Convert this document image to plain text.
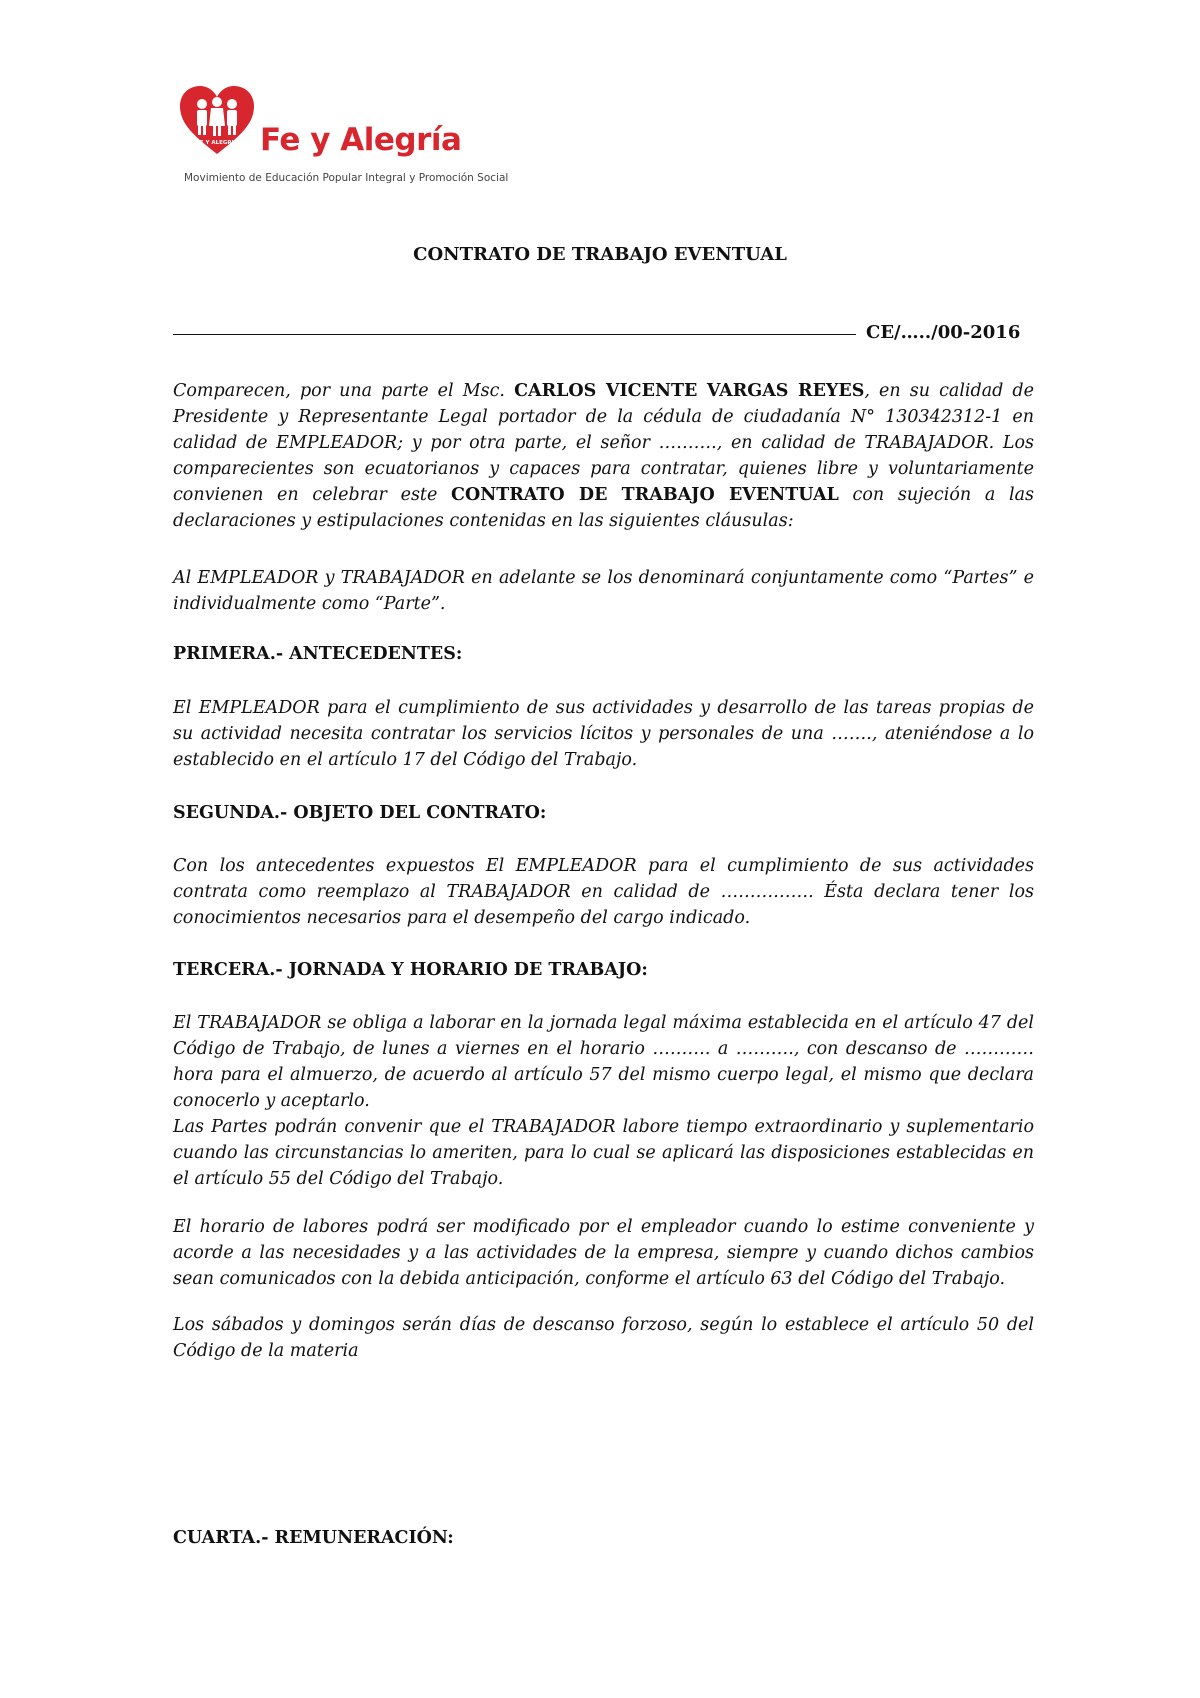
FE Y ALEGRIA Fe y Alegría
Movimiento de Educación Popular Integral y Promoción Social
CONTRATO DE TRABAJO EVENTUAL
CE/…../00-2016
Comparecen, por una parte el Msc. CARLOS VICENTE VARGAS REYES, en su calidad de Presidente y Representante Legal portador de la cédula de ciudadanía N° 130342312-1 en calidad de EMPLEADOR; y por otra parte, el señor ………., en calidad de TRABAJADOR. Los comparecientes son ecuatorianos y capaces para contratar, quienes libre y voluntariamente convienen en celebrar este CONTRATO DE TRABAJO EVENTUAL con sujeción a las declaraciones y estipulaciones contenidas en las siguientes cláusulas:
Al EMPLEADOR y TRABAJADOR en adelante se los denominará conjuntamente como “Partes” e individualmente como “Parte”.
PRIMERA.- ANTECEDENTES:
El EMPLEADOR para el cumplimiento de sus actividades y desarrollo de las tareas propias de su actividad necesita contratar los servicios lícitos y personales de una ……., ateniéndose a lo establecido en el artículo 17 del Código del Trabajo.
SEGUNDA.- OBJETO DEL CONTRATO:
Con los antecedentes expuestos El EMPLEADOR para el cumplimiento de sus actividades contrata como reemplazo al TRABAJADOR en calidad de ……………. Ésta declara tener los conocimientos necesarios para el desempeño del cargo indicado.
TERCERA.- JORNADA Y HORARIO DE TRABAJO:
El TRABAJADOR se obliga a laborar en la jornada legal máxima establecida en el artículo 47 del Código de Trabajo, de lunes a viernes en el horario ………. a ………., con descanso de ………… hora para el almuerzo, de acuerdo al artículo 57 del mismo cuerpo legal, el mismo que declara conocerlo y aceptarlo.
Las Partes podrán convenir que el TRABAJADOR labore tiempo extraordinario y suplementario cuando las circunstancias lo ameriten, para lo cual se aplicará las disposiciones establecidas en el artículo 55 del Código del Trabajo.
El horario de labores podrá ser modificado por el empleador cuando lo estime conveniente y acorde a las necesidades y a las actividades de la empresa, siempre y cuando dichos cambios sean comunicados con la debida anticipación, conforme el artículo 63 del Código del Trabajo.
Los sábados y domingos serán días de descanso forzoso, según lo establece el artículo 50 del Código de la materia
CUARTA.- REMUNERACIÓN:
